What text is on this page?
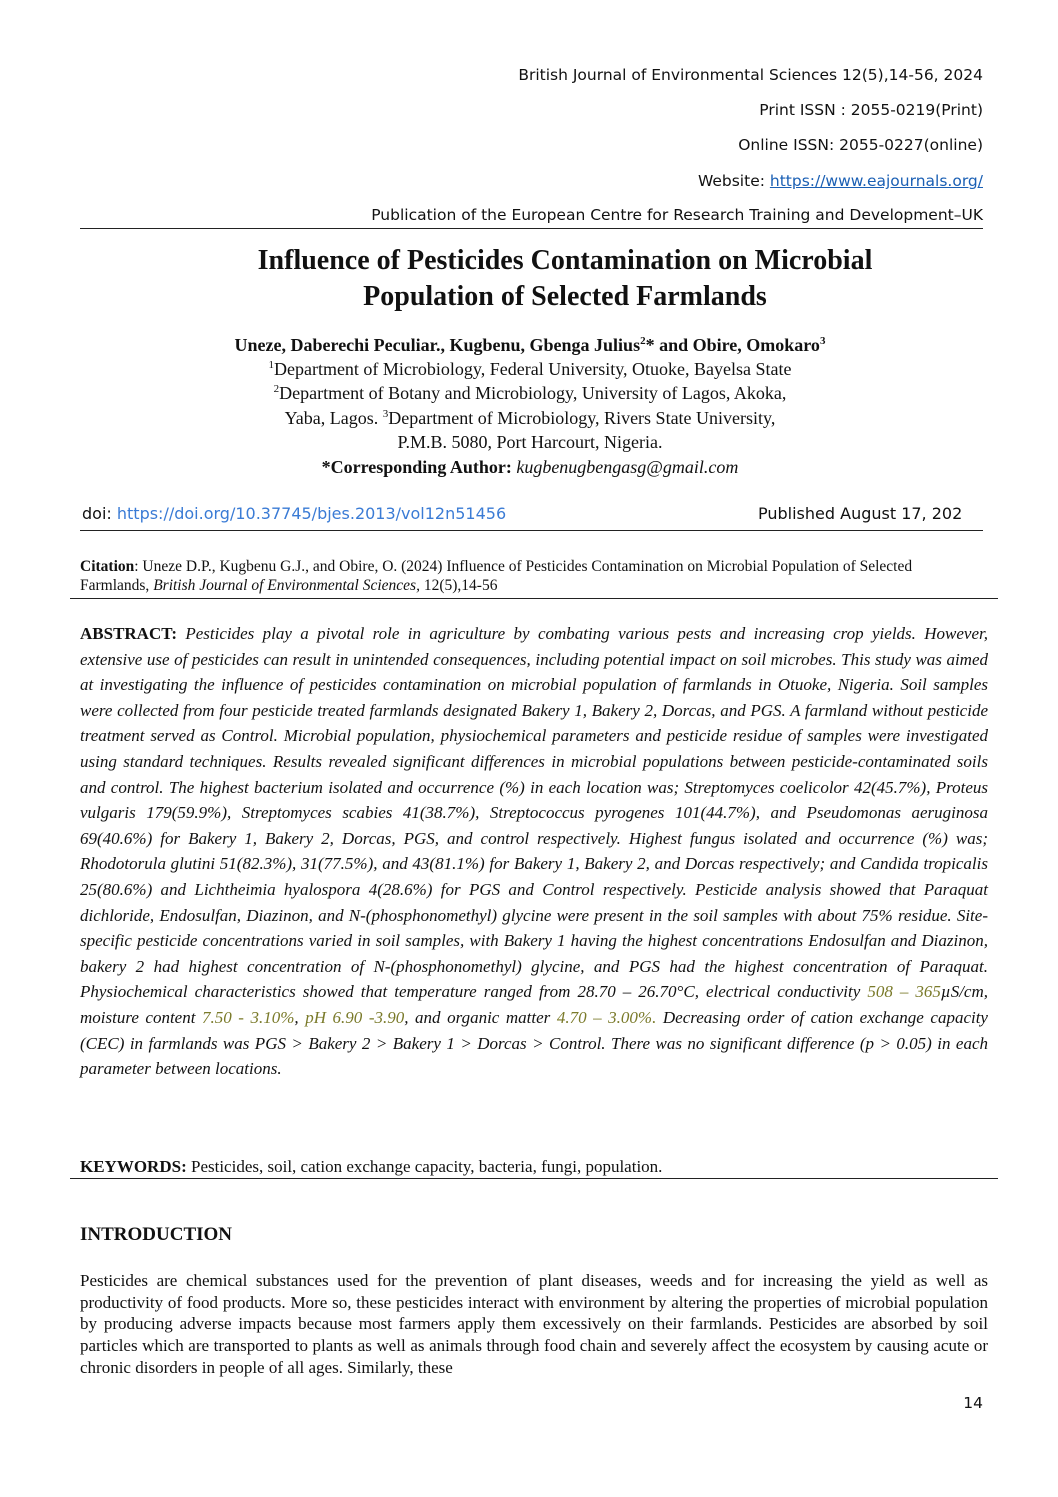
British Journal of Environmental Sciences 12(5),14-56, 2024
Print ISSN : 2055-0219(Print)
Online ISSN: 2055-0227(online)
Website: https://www.eajournals.org/
Publication of the European Centre for Research Training and Development–UK
Influence of Pesticides Contamination on Microbial
Population of Selected Farmlands
Uneze, Daberechi Peculiar., Kugbenu, Gbenga Julius$^2$* and Obire, Omokaro$^3$
$^1$Department of Microbiology, Federal University, Otuoke, Bayelsa State
$^2$Department of Botany and Microbiology, University of Lagos, Akoka,
Yaba, Lagos. $^3$Department of Microbiology, Rivers State University,
P.M.B. 5080, Port Harcourt, Nigeria.
*Corresponding Author: kugbenugbengasg@gmail.com
doi: https://doi.org/10.37745/bjes.2013/vol12n51456	Published August 17, 202
Citation: Uneze D.P., Kugbenu G.J., and Obire, O. (2024) Influence of Pesticides Contamination on Microbial Population of Selected Farmlands, British Journal of Environmental Sciences, 12(5),14-56
ABSTRACT: Pesticides play a pivotal role in agriculture by combating various pests and increasing crop yields. However, extensive use of pesticides can result in unintended consequences, including potential impact on soil microbes. This study was aimed at investigating the influence of pesticides contamination on microbial population of farmlands in Otuoke, Nigeria. Soil samples were collected from four pesticide treated farmlands designated Bakery 1, Bakery 2, Dorcas, and PGS. A farmland without pesticide treatment served as Control. Microbial population, physiochemical parameters and pesticide residue of samples were investigated using standard techniques. Results revealed significant differences in microbial populations between pesticide-contaminated soils and control. The highest bacterium isolated and occurrence (%) in each location was; Streptomyces coelicolor 42(45.7%), Proteus vulgaris 179(59.9%), Streptomyces scabies 41(38.7%), Streptococcus pyrogenes 101(44.7%), and Pseudomonas aeruginosa 69(40.6%) for Bakery 1, Bakery 2, Dorcas, PGS, and control respectively. Highest fungus isolated and occurrence (%) was; Rhodotorula glutini 51(82.3%), 31(77.5%), and 43(81.1%) for Bakery 1, Bakery 2, and Dorcas respectively; and Candida tropicalis 25(80.6%) and Lichtheimia hyalospora 4(28.6%) for PGS and Control respectively. Pesticide analysis showed that Paraquat dichloride, Endosulfan, Diazinon, and N-(phosphonomethyl) glycine were present in the soil samples with about 75% residue. Site-specific pesticide concentrations varied in soil samples, with Bakery 1 having the highest concentrations Endosulfan and Diazinon, bakery 2 had highest concentration of N-(phosphonomethyl) glycine, and PGS had the highest concentration of Paraquat. Physiochemical characteristics showed that temperature ranged from 28.70 – 26.70°C, electrical conductivity 508 – 365µS/cm, moisture content 7.50 - 3.10%, pH 6.90 -3.90, and organic matter 4.70 – 3.00%. Decreasing order of cation exchange capacity (CEC) in farmlands was PGS > Bakery 2 > Bakery 1 > Dorcas > Control. There was no significant difference (p > 0.05) in each parameter between locations.
KEYWORDS: Pesticides, soil, cation exchange capacity, bacteria, fungi, population.
INTRODUCTION
Pesticides are chemical substances used for the prevention of plant diseases, weeds and for increasing the yield as well as productivity of food products. More so, these pesticides interact with environment by altering the properties of microbial population by producing adverse impacts because most farmers apply them excessively on their farmlands. Pesticides are absorbed by soil particles which are transported to plants as well as animals through food chain and severely affect the ecosystem by causing acute or chronic disorders in people of all ages. Similarly, these
14
